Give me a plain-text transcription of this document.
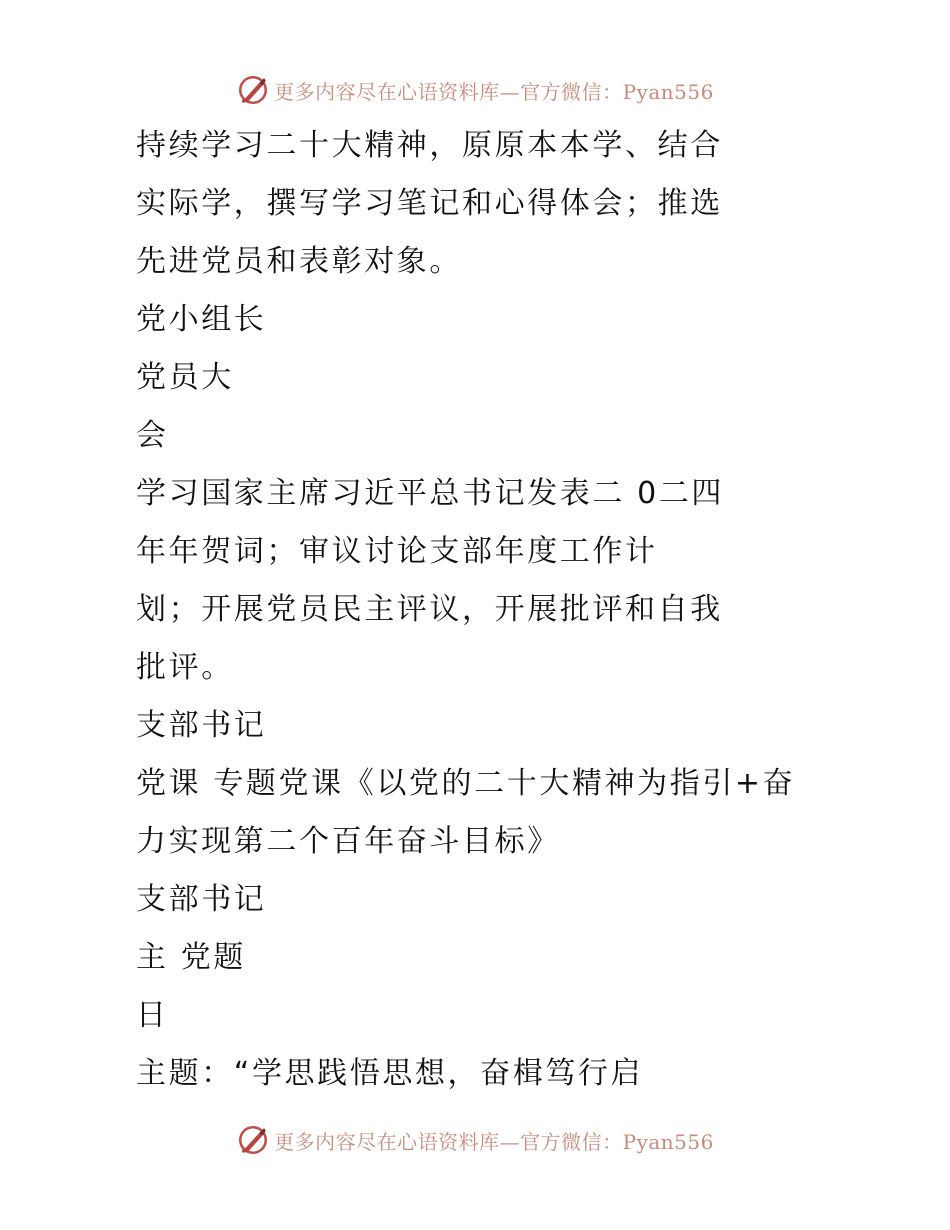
更多内容尽在心语资料库—官方微信：Pyan556
持续学习二十大精神，原原本本学、结合
实际学，撰写学习笔记和心得体会；推选
先进党员和表彰对象。
党小组长
党员大
会
学习国家主席习近平总书记发表二 0二四
年年贺词；审议讨论支部年度工作计
划；开展党员民主评议，开展批评和自我
批评。
支部书记
党课 专题党课《以党的二十大精神为指引+奋
力实现第二个百年奋斗目标》
支部书记
主 党题
日
主题：“学思践悟思想，奋楫笃行启
更多内容尽在心语资料库—官方微信：Pyan556
